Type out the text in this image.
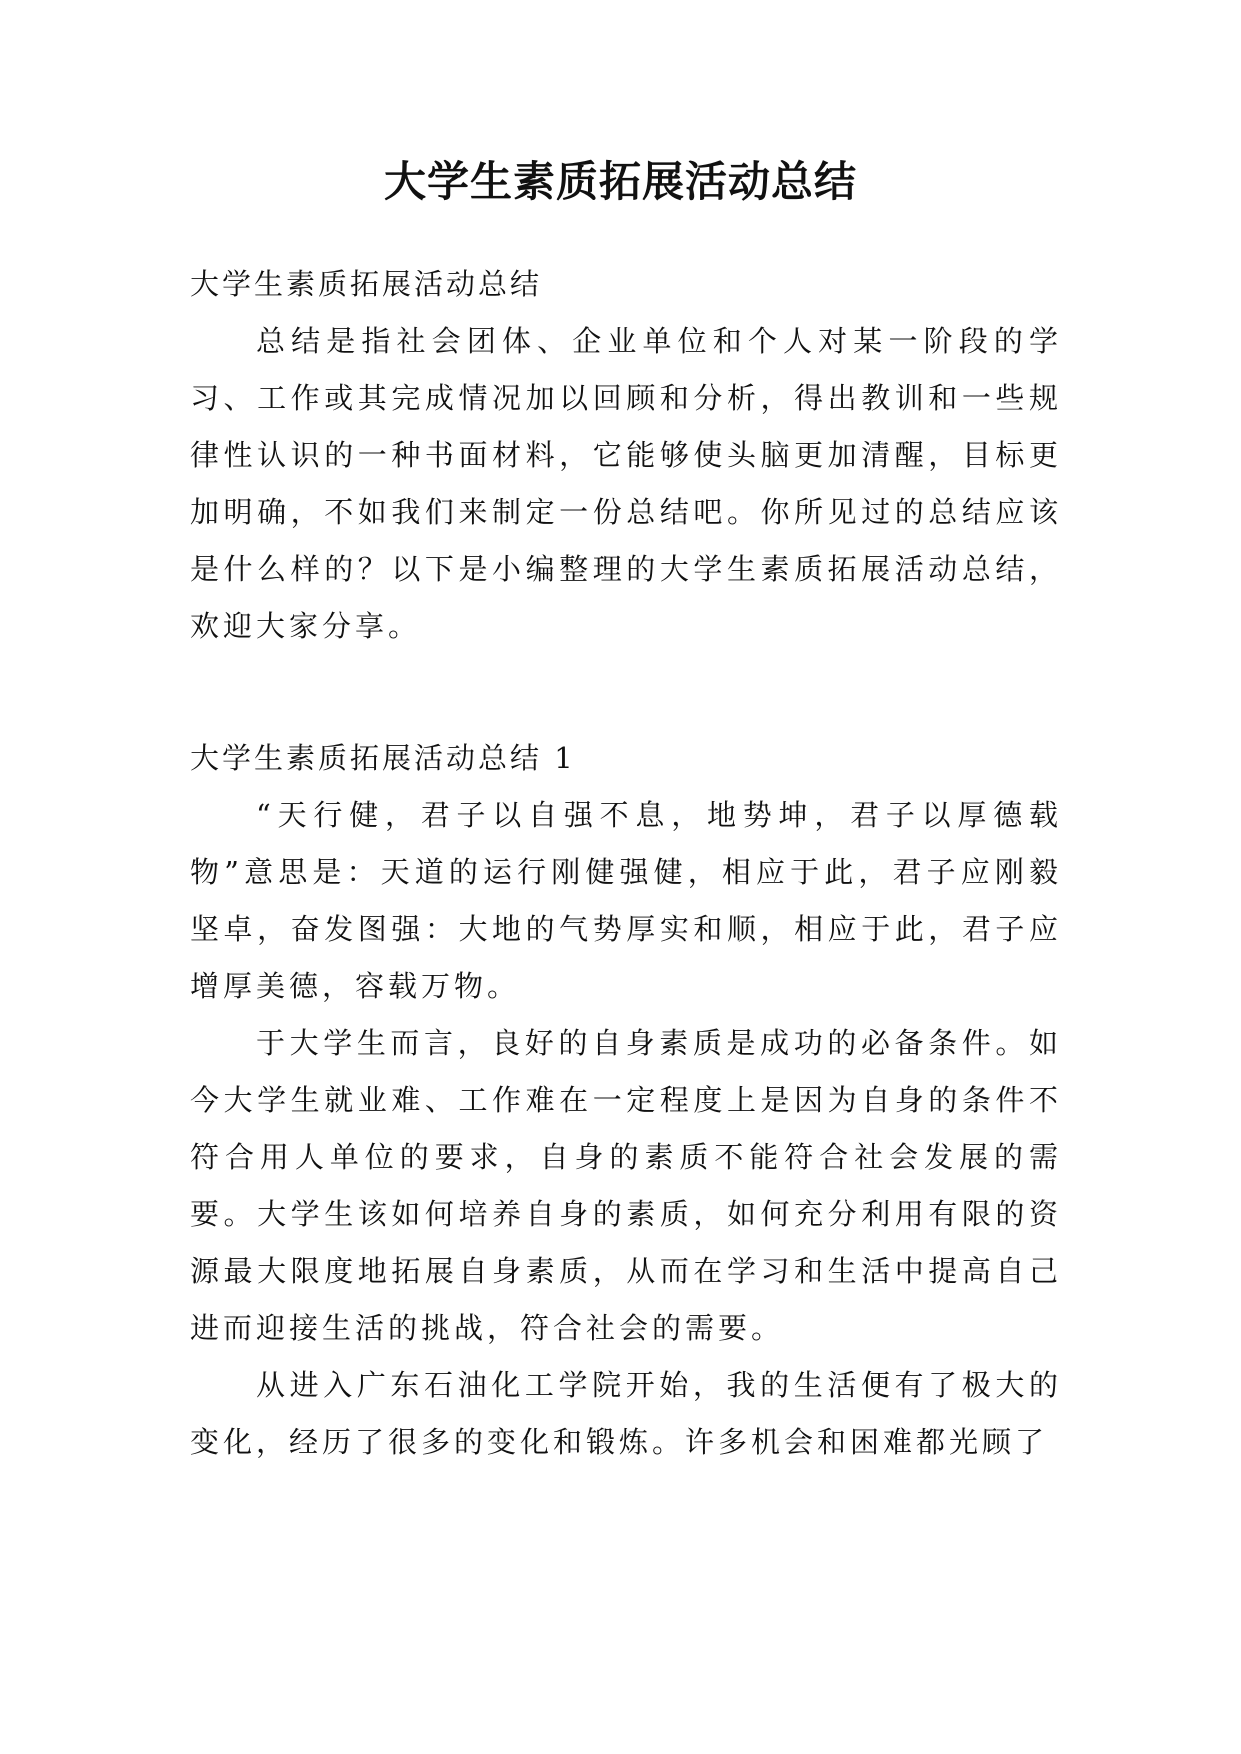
大学生素质拓展活动总结

大学生素质拓展活动总结

总结是指社会团体、企业单位和个人对某一阶段的学习、工作或其完成情况加以回顾和分析，得出教训和一些规律性认识的一种书面材料，它能够使头脑更加清醒，目标更加明确，不如我们来制定一份总结吧。你所见过的总结应该是什么样的？以下是小编整理的大学生素质拓展活动总结，欢迎大家分享。

大学生素质拓展活动总结 1

“天行健，君子以自强不息，地势坤，君子以厚德载物”意思是：天道的运行刚健强健，相应于此，君子应刚毅坚卓，奋发图强：大地的气势厚实和顺，相应于此，君子应增厚美德，容载万物。

于大学生而言，良好的自身素质是成功的必备条件。如今大学生就业难、工作难在一定程度上是因为自身的条件不符合用人单位的要求，自身的素质不能符合社会发展的需要。大学生该如何培养自身的素质，如何充分利用有限的资源最大限度地拓展自身素质，从而在学习和生活中提高自己进而迎接生活的挑战，符合社会的需要。

从进入广东石油化工学院开始，我的生活便有了极大的变化，经历了很多的变化和锻炼。许多机会和困难都光顾了
